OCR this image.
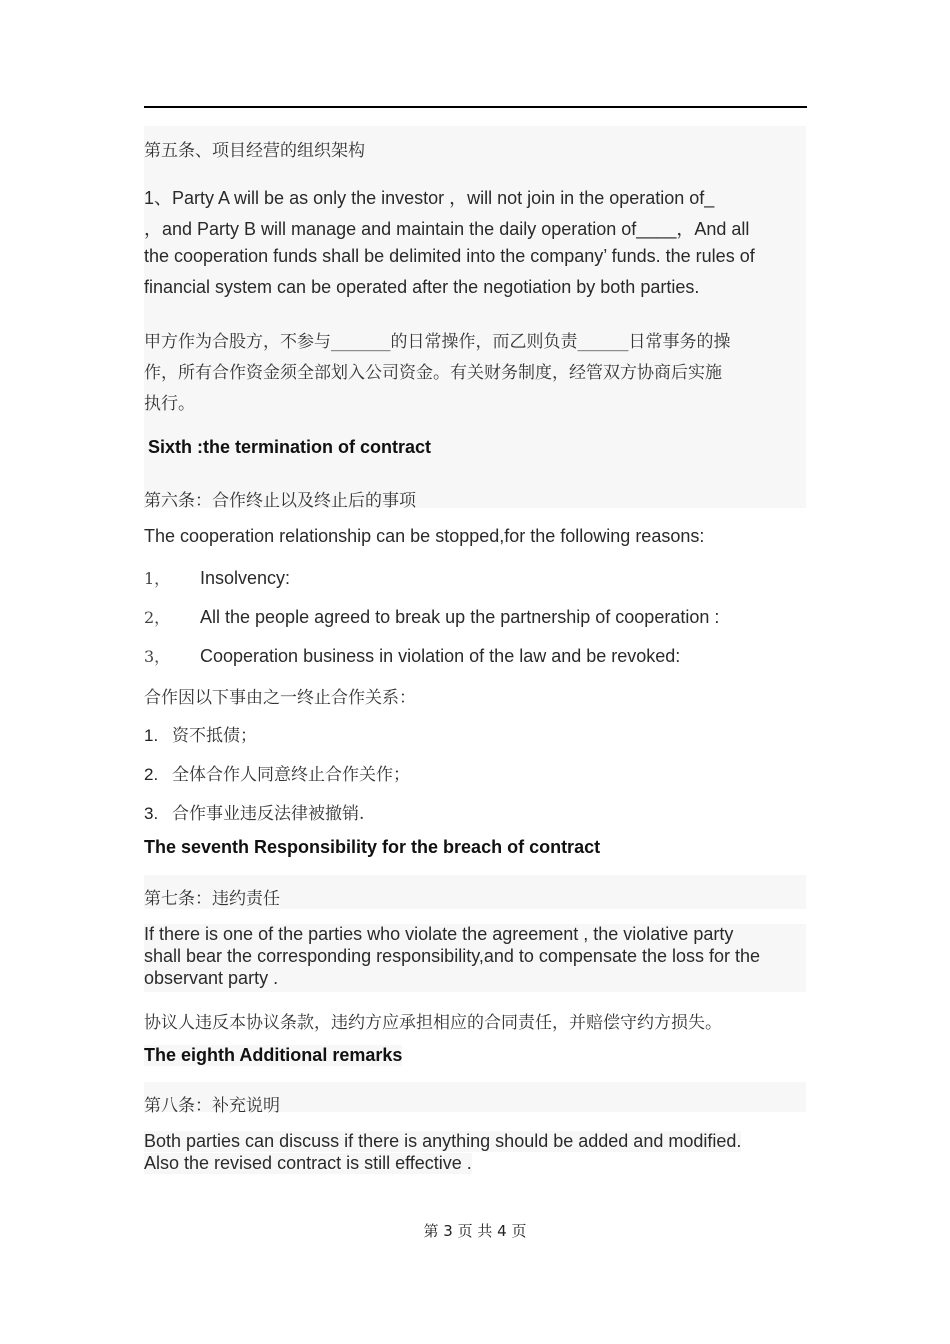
第五条、项目经营的组织架构
1、Party A will be as only the investor ，will not join in the operation of_
，and Party B will manage and maintain the daily operation of____，And all
the cooperation funds shall be delimited into the company’ funds. the rules of
financial system can be operated after the negotiation by both parties.
甲方作为合股方，不参与_______的日常操作，而乙则负责______日常事务的操
作，所有合作资金须全部划入公司资金。有关财务制度，经管双方协商后实施
执行。
Sixth :the termination of contract
第六条：合作终止以及终止后的事项
The cooperation relationship can be stopped,for the following reasons:
1， Insolvency:
2， All the people agreed to break up the partnership of cooperation :
3， Cooperation business in violation of the law and be revoked:
合作因以下事由之一终止合作关系：
1. 资不抵债；
2. 全体合作人同意终止合作关作；
3. 合作事业违反法律被撤销.
The seventh Responsibility for the breach of contract
第七条：违约责任
If there is one of the parties who violate the agreement , the violative party
shall bear the corresponding responsibility,and to compensate the loss for the
observant party .
协议人违反本协议条款，违约方应承担相应的合同责任，并赔偿守约方损失。
The eighth Additional remarks
第八条：补充说明
Both parties can discuss if there is anything should be added and modified.
Also the revised contract is still effective .
第 3 页 共 4 页
